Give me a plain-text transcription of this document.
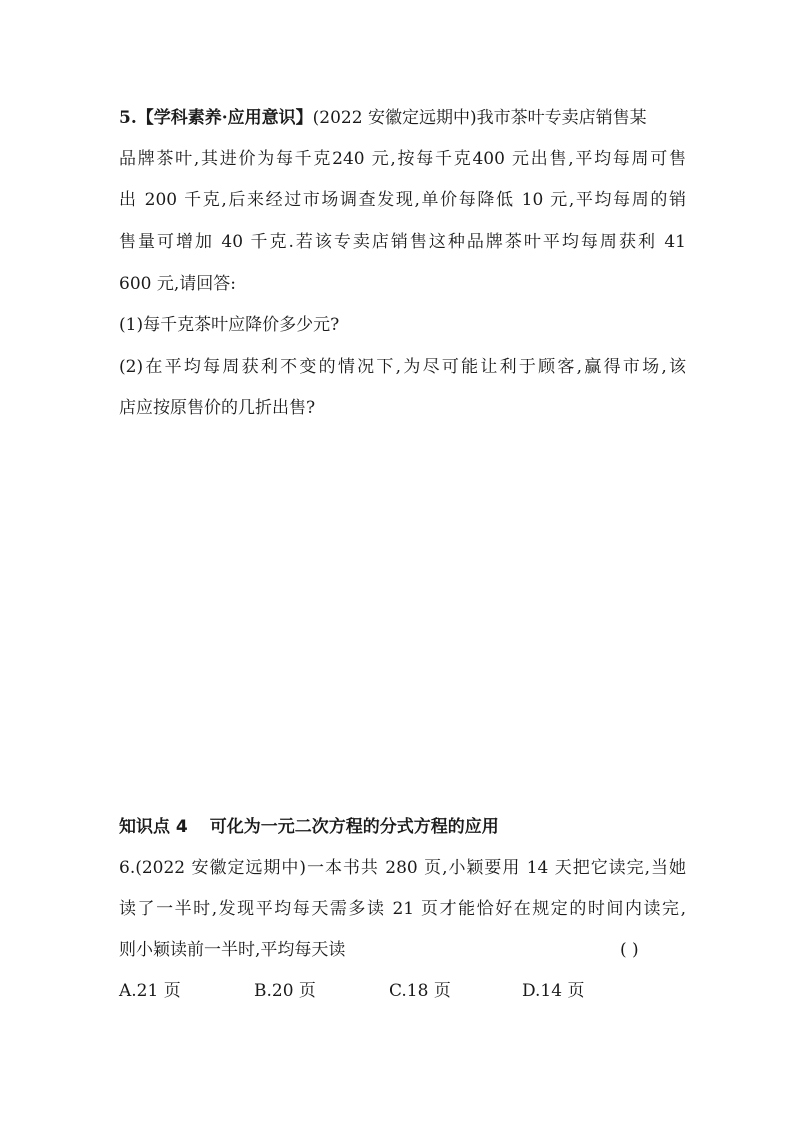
5.【学科素养·应用意识】(2022 安徽定远期中)我市茶叶专卖店销售某
品牌茶叶,其进价为每千克240 元,按每千克400 元出售,平均每周可售
出 200 千克,后来经过市场调查发现,单价每降低 10 元,平均每周的销
售量可增加 40 千克.若该专卖店销售这种品牌茶叶平均每周获利 41
600 元,请回答:
(1)每千克茶叶应降价多少元?
(2)在平均每周获利不变的情况下,为尽可能让利于顾客,赢得市场,该
店应按原售价的几折出售?
知识点 4 可化为一元二次方程的分式方程的应用
6.(2022 安徽定远期中)一本书共 280 页,小颖要用 14 天把它读完,当她
读了一半时,发现平均每天需多读 21 页才能恰好在规定的时间内读完,
则小颖读前一半时,平均每天读	( )
A.21 页	B.20 页	C.18 页	D.14 页
